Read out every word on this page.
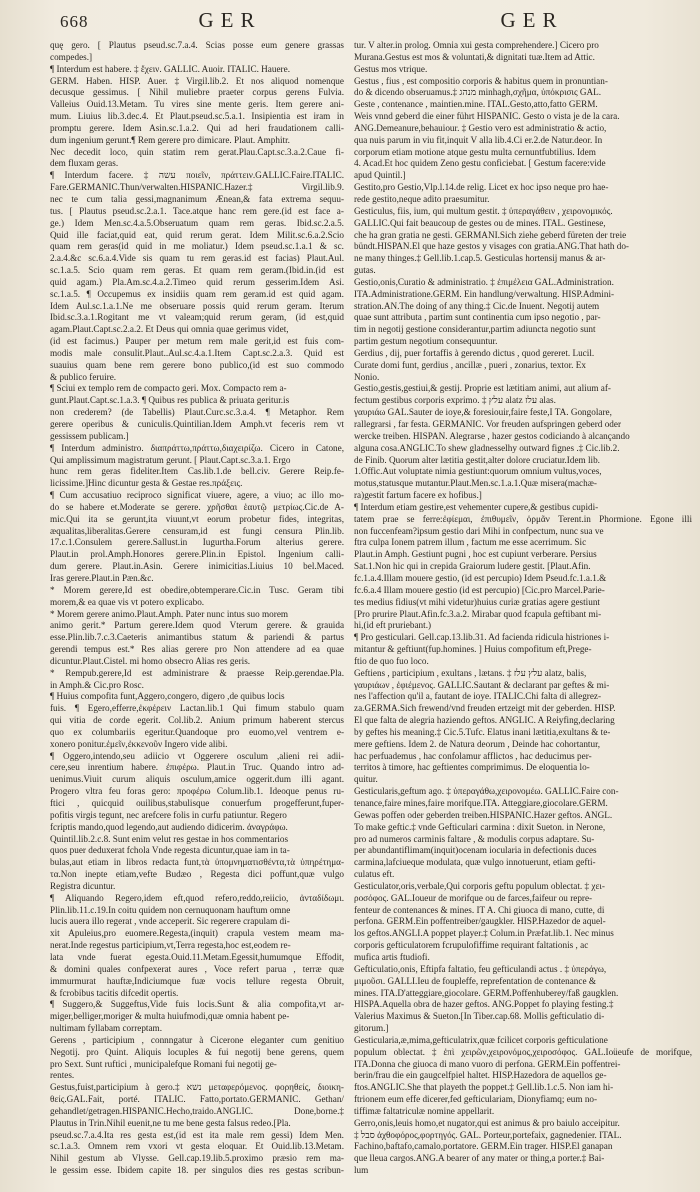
668	GER	GER
quę gero. [ Plautus pseud.sc.7.a.4. Scias posse eum genere grassas
compedes.]
¶ Interdum est habere. ‡ ἔχειν. GALLIC. Auoir. ITALIC. Hauere.
GERM. Haben. HISP. Auer. ‡ Virgil.lib.2. Et nos aliquod nomenque
decusque gessimus. [ Nihil muliebre praeter corpus gerens Fulvia.
Valleius Ouid.13.Metam. Tu vires sine mente geris. Item gerere ani-
mum. Liuius lib.3.dec.4. Et Plaut.pseud.sc.5.a.1. Insipientia est iram in
promptu gerere. Idem Asin.sc.1.a.2. Qui ad heri fraudationem calli-
dum ingenium gerunt.¶ Rem gerere pro dimicare. Plaut. Amphitr.
Nec decedit loco, quin statim rem gerat.Plau.Capt.sc.3.a.2.Caue fi-
dem fluxam geras.
¶ Interdum facere. ‡ עשה ποιεῖν, πράττειν.GALLIC.Faire.ITALIC.
Fare.GERMANIC.Thun/verwalten.HISPANIC.Hazer.‡ Virgil.lib.9.
nec te cum talia gessi,magnanimum Ænean,& fata extrema sequu-
tus. [ Plautus pseud.sc.2.a.1. Tace.atque hanc rem gere.(id est face a-
ge.) Idem Men.sc.4.a.5.Obseruatum quam rem geras. Ibid.sc.2.a.5.
Quid ille faciat,quid eat, quid rerum gerat. Idem Milit.sc.6.a.2.Scio
quam rem geras(id quid in me moliatur.) Idem pseud.sc.1.a.1 & sc.
2.a.4.&c sc.6.a.4.Vide sis quam tu rem geras.id est facias) Plaut.Aul.
sc.1.a.5. Scio quam rem geras. Et quam rem geram.(Ibid.in.(id est
quid agam.) Pla.Am.sc.4.a.2.Timeo quid rerum gesserim.Idem Asi.
sc.1.a.5. ¶ Occupemus ex insidiis quam rem geram.id est quid agam.
Idem Aul.sc.1.a.1.Ne me obseruare possis quid rerum geram. Iterum
Ibid.sc.3.a.1.Rogitant me vt valeam;quid rerum geram, (id est,quid
agam.Plaut.Capt.sc.2.a.2. Et Deus qui omnia quae gerimus videt,
(id est facimus.) Pauper per metum rem male gerit,id est fuis com-
modis male consulit.Plaut..Aul.sc.4.a.1.Item Capt.sc.2.a.3. Quid est
suauius quam bene rem gerere bono publico,(id est suo commodo
& publico feruire.
¶ Sciui ex templo rem de compacto geri. Mox. Compacto rem a-
gunt.Plaut.Capt.sc.1.a.3. ¶ Quibus res publica & priuata geritur.is
non crederem? (de Tabellis) Plaut.Curc.sc.3.a.4. ¶ Metaphor. Rem
gerere operibus & cuniculis.Quintilian.Idem Amph.vt feceris rem vt
gessissem publicam.]
¶ Interdum administro. διαπράττω,πράττω,διαχειρίζω. Cicero in Catone,
Qui amplissimum magistratum gerunt. [ Plaut.Capt.sc.3.a.1. Ergo
hunc rem geras fideliter.Item Cas.lib.1.de bell.civ. Gerere Reip.fe-
licissime.]Hinc dicuntur gesta & Gestae res.πράξεις.
¶ Cum accusatiuo reciproco significat viuere, agere, a viuo; ac illo mo-
do se habere et.Moderate se gerere. χρῆσθαι ἑαυτῷ μετρίως.Cic.de A-
mic.Qui ita se gerunt,ita viuunt,vt eorum probetur fides, integritas,
æqualitas,liberalitas.Gerere censuram,id est fungi censura Plin.lib.
17.c.1.Consulem gerere.Sallust.in Iugurtha.Forum alterius gerere.
Plaut.in prol.Amph.Honores gerere.Plin.in Epistol. Ingenium calli-
dum gerere. Plaut.in.Asin. Gerere inimicitias.Liuius 10 bel.Maced.
Iras gerere.Plaut.in Pæn.&c.
* Morem gerere,Id est obedire,obtemperare.Cic.in Tusc. Geram tibi
morem,& ea quae vis vt potero explicabo.
* Morem gerere animo.Plaut.Amph. Pater nunc intus suo morem
animo gerit.* Partum gerere.Idem quod Vterum gerere. & grauida
esse.Plin.lib.7.c.3.Caeteris animantibus statum & pariendi & partus
gerendi tempus est.* Res alias gerere pro Non attendere ad ea quae
dicuntur.Plaut.Cistel. mi homo obsecro Alias res geris.
* Rempub.gerere,Id est administrare & praesse Reip.gerendae.Pla.
in Amph.& Cic.pro Rosc.
¶ Huius compofita funt,Aggero,congero, digero ,de quibus locis
fuis. ¶ Egero,efferre,ἐκφέρειν Lactan.lib.1 Qui fimum stabulo quam
qui vitia de corde egerit. Col.lib.2. Anium primum haberent stercus
quo ex columbariis egeritur.Quandoque pro euomo,vel ventrem e-
xonero ponitur.ἐμεῖν,ἐκκενοῦν Ingero vide alibi.
¶ Oggero,intendo,seu adiicio vt Oggerere osculum ,alieni rei adii-
cere,seu inrentium habere. ἐπιφέρω. Plaut.in Truc. Quando intro ad-
uenimus.Viuit curum aliquis osculum,amice oggerit.dum illi agant.
Progero vltra feu foras gero: προφέρω Colum.lib.1. Ideoque penus ru-
ftici , quicquid ouilibus,stabulisque conuerfum progefferunt,fuper-
pofitis virgis tegunt, nec arefcere folis in curfu patiuntur. Regero
fcriptis mando,quod legendo,aut audiendo didicerim. ἀναγράφω.
Quintil.lib.2.c.8. Sunt enim velut res gestae in hos commentarios
quos puer deduxerat fchola Vnde regesta dicuntur,quae iam in ta-
bulas,aut etiam in libros redacta funt,τὰ ὑπομνηματισθέντα,τὰ ὑπηρέτημα-
τα.Non inepte etiam,vefte Budæo , Regesta dici poffunt,quæ vulgo
Registra dicuntur.
¶ Aliquando Regero,idem eft,quod refero,reddo,reiicio, ἀνταδίδωμι.
Plin.lib.11.c.19.In coitu quidem non cernuquonam hauftum omne
lucis auera illo regerat , vnde acceperit. Sic regerere crapulam di-
xit Apuleius,pro euomere.Regesta,(inquit) crapula vestem meam ma-
nerat.Inde regestus participium,vt,Terra regesta,hoc est,eodem re-
lata vnde fuerat egesta.Ouid.11.Metam.Egessit,humumque Effodit,
& domini quales confpexerat aures , Voce refert parua , terræ quæ
immurmurat hauftæ,Indiciumque fuæ vocis tellure regesta Obruit,
& fcrobibus tacitis difcedit opertis.
¶ Suggero,& Suggeftus,Vide fuis locis.Sunt & alia compofita,vt ar-
miger,belliger,moriger & multa huiufmodi,quæ omnia habent pe-
nultimam fyllabam correptam.
Gerens , participium , connngatur à Cicerone eleganter cum genitiuo
Negotij. pro Quint. Aliquis locuples & fui negotij bene gerens, quem
pro Sext. Sunt ruftici , municipalefque Romani fui negotij ge-
rentes.
Gestus,fuist,participium à gero.‡ נשא μεταφερόμενος. φορηθείς, διοικη-
θείς.GAL.Fait, porté. ITALIC. Fatto,portato.GERMANIC. Gethan/
gehandlet/getragen.HISPANIC.Hecho,traido.ANGLIC. Done,borne.‡
Plautus in Trin.Nihil euenit,ne tu me bene gesta falsus redeo.[Pla.
pseud.sc.7.a.4.Ita res gesta est,(id est ita male rem gessi) Idem Men.
sc.1.a.3. Omnem rem vxori vt gesta eloquar. Et Ouid.lib.13.Metam.
Nihil gestum ab Vlysse. Gell.cap.19.lib.5.proximo præsio rem ma-
le gessim esse. Ibidem capite 18. per singulos dies res gestas scribun-
tur. V alter.in prolog. Omnia xui gesta comprehendere.] Cicero pro
Murana.Gestus est mos & voluntati,& dignitati tuæ.Item ad Attic.
Gestus mos vtrique.
Gestus , fius , est compositio corporis & habitus quem in pronuntian-
do & dicendo obseruamus.‡ מנהג minhagh,σχῆμα, ὑπόκρισις GAL.
Geste , contenance , maintien.mine. ITAL.Gesto,atto,fatto GERM.
Weis vnnd geberd die einer führt HISPANIC. Gesto o vista je de la cara.
ANG.Demeanure,behauiour. ‡ Gestio vero est administratio & actio,
qua nuis parum in viu fit,inquit V alla lib.4.Ci er.2.de Natur.deor. In
corporum etiam motione atque gestu multa cernuntfubtilius. Idem
4. Acad.Et hoc quidem Zeno gestu conficiebat. [ Gestum facere:vide
apud Quintil.]
Gestito,pro Gestio,Vlp.l.14.de relig. Licet ex hoc ipso neque pro hae-
rede gestito,neque adito praesumitur.
Gesticulus, fiis, ium, qui multum gestit. ‡ ὑπεραγάθειν , χειρονομικός.
GALLIC.Qui fait beaucoup de gestes ou de mines. ITAL. Gestinese,
che ha gran gratia ne gesti. GERMANI.Sich ziehe geberd füreten der treie
bündt.HISPAN.El que haze gestos y visages con gratia.ANG.That hath do-
ne many thinges.‡ Gell.lib.1.cap.5. Gesticulas hortensij manus & ar-
gutas.
Gestio,onis,Curatio & administratio. ‡ ἐπιμέλεια GAL.Administration.
ITA.Administratione.GERM. Ein handlung/verwaltung. HISP.Admini-
stration.AN.The doing of any thing.‡ Cic.de Inuent. Negotij autem
quae sunt attributa , partim sunt continentia cum ipso negotio , par-
tim in negotij gestione considerantur,partim adiuncta negotio sunt
partim gestum negotium consequuntur.
Gerdius , dij, puer fortaffis à gerendo dictus , quod gereret. Lucil.
Curate domi funt, gerdius , ancillæ , pueri , zonarius, textor. Ex
Nonio.
Gestio,gestis,gestiui,& gestij. Proprie est lætitiam animi, aut alium af-
fectum gestibus corporis exprimo. ‡ עלץ alatz עלז alas.
γαυριάω GAL.Sauter de ioye,& foresiouir,faire feste,I TA. Gongolare,
rallegrarsi , far festa. GERMANIC. Vor freuden aufspringen geberd oder
wercke treiben. HISPAN. Alegrarse , hazer gestos codiciando à alcançando
alguna cosa.ANGLIC.To shew gladnesselhy outward fignes .‡ Cic.lib.2.
de Finib. Quorum alter lætitia gestit,alter dolore cruciatur.Idem lib.
1.Offic.Aut voluptate nimia gestiunt:quorum omnium vultus,voces,
motus,statusque mutantur.Plaut.Men.sc.1.a.1.Quæ misera(machæ-
ra)gestit fartum facere ex hofibus.]
¶ Interdum etiam gestire,est vehementer cupere,& gestibus cupidi-
tatem prae se ferre:ἐφίεμαι, ἐπιθυμεῖν, ὁρμᾶν Terent.in Phormione. Egone illi
non fuccenfeam?ipsum gestio dari Mihi in confpectum, nunc sua ve
ftra culpa Ionem patrem illum , factum me esse acerrimum. Sic
Plaut.in Amph. Gestiunt pugni , hoc est cupiunt verberare. Persius
Sat.1.Non hic qui in crepida Graiorum ludere gestit. [Plaut.Afin.
fc.1.a.4.Illam mouere gestio, (id est percupio) Idem Pseud.fc.1.a.1.&
fc.6.a.4 Illam mouere gestio (id est percupio) [Cic.pro Marcel.Parie-
tes medius fidius(vt mihi videtur)huius curiæ gratias agere gestiunt
[Pro prurire Plaut.Afin.fc.3.a.2. Mirabar quod fcapula geftibant mi-
hi,(id eft pruriebant.)
¶ Pro gesticulari. Gell.cap.13.lib.31. Ad facienda ridicula histriones i-
mitantur & geftiunt(fup.homines. ] Huius compofitum eft,Prege-
ftio de quo fuo loco.
Geftiens , participium , exultans , lætans. ‡ עלץ עלז alatz, balis,
γαυριάων , ἐφιέμενος. GALLIC.Sautant & declarant par geftes & mi-
nes l'affection qu'il a, fautant de ioye. ITALIC.Chi falta di allegrez-
za.GERMA.Sich frewend/vnd freuden ertzeigt mit der geberden. HISP.
El que falta de alegria haziendo geftos. ANGLIC. A Reiyfing,declaring
by geftes his meaning.‡ Cic.5.Tufc. Elatus inani lætitia,exultans & te-
mere geftiens. Idem 2. de Natura deorum , Deinde hac cohortantur,
hac perfuademus , hac confolamur afflictos , hac deducimus per-
territos à timore, hac geftientes comprimimus. De eloquentia lo-
quitur.
Gesticularis,geftum ago. ‡ ὑπεραγάθω,χειρονομέω. GALLIC.Faire con-
tenance,faire mines,faire morifque.ITA. Atteggiare,giocolare.GERM.
Gewas poffen oder geberden treiben.HISPANIC.Hazer geftos. ANGL.
To make geftic.‡ vnde Gefticulari carmina : dixit Sueton. in Nerone,
pro ad numeros carminis faltare , & modulis corpus adaptare. Su-
per abundantiflimam(inquit)ocenam iocularia in defectionis duces
carmina,lafciueque modulata, quæ vulgo innotuerunt, etiam gefti-
culatus eft.
Gesticulator,oris,verbale,Qui corporis geftu populum oblectat. ‡ χει-
ροσόφος. GAL.Ioueur de morifque ou de farces,faifeur ou repre-
fenteur de contenances & mines. IT A. Chi giuoca di mano, cutte, di
perfona. GERM.Ein poffentreiber/gaugkler. HISP.Hazedor de aquel-
los geftos.ANGLI.A poppet player.‡ Colum.in Præfat.lib.1. Nec minus
corporis gefticulatorem fcrupulofiffime requirant faltationis , ac
mufica artis ftudiofi.
Gefticulatio,onis, Eftipfa faltatio, feu gefticulandi actus . ‡ ὑπεράγω,
μιμοῦσι. GALLI.Ieu de foupleffe, reprefentation de contenance &
mines. ITA.D'atteggiare,giocolare. GERM.Poffenhuberey/faß gaugklen.
HISPA.Aquella obra de hazer geftos. ANG.Poppet fo playing festing.‡
Valerius Maximus & Sueton.[In Tiber.cap.68. Mollis gefticulatio di-
gitorum.]
Gesticularia,æ,mima,gefticulatrix,quæ fcilicet corporis gefticulatione
populum oblectat. ‡ ἐπὶ χειρῶν,χειρονόμος,χειροσόφος. GAL.Ioüeufe de morifque,
ITA.Donna che giuoca di mano vuoro di perfona. GERM.Ein poffentrei-
berin/frau die ein gaugcelfpiel haltet. HISP.Hazedora de aquellos ge-
ftos.ANGLIC.She that playeth the poppet.‡ Gell.lib.1.c.5. Non iam hi-
ftrionem eum effe dicerer,fed gefticulariam, Dionyfiamq; eum no-
tiffimæ faltatriculæ nomine appellarit.
Gerro,onis,leuis homo,et nugator,qui est animus & pro baiulo acceipitur.
‡ סבל ἀχθοφόρος,φορτηγός. GAL. Porteur,portefaix, gagnedenier. ITAL.
Fachino,baftafo,camalo,portatore. GERM.Ein trager. HISP.El ganapan
que lleua cargos.ANG.A bearer of any mater or thing,a porter.‡ Bai-
lum
